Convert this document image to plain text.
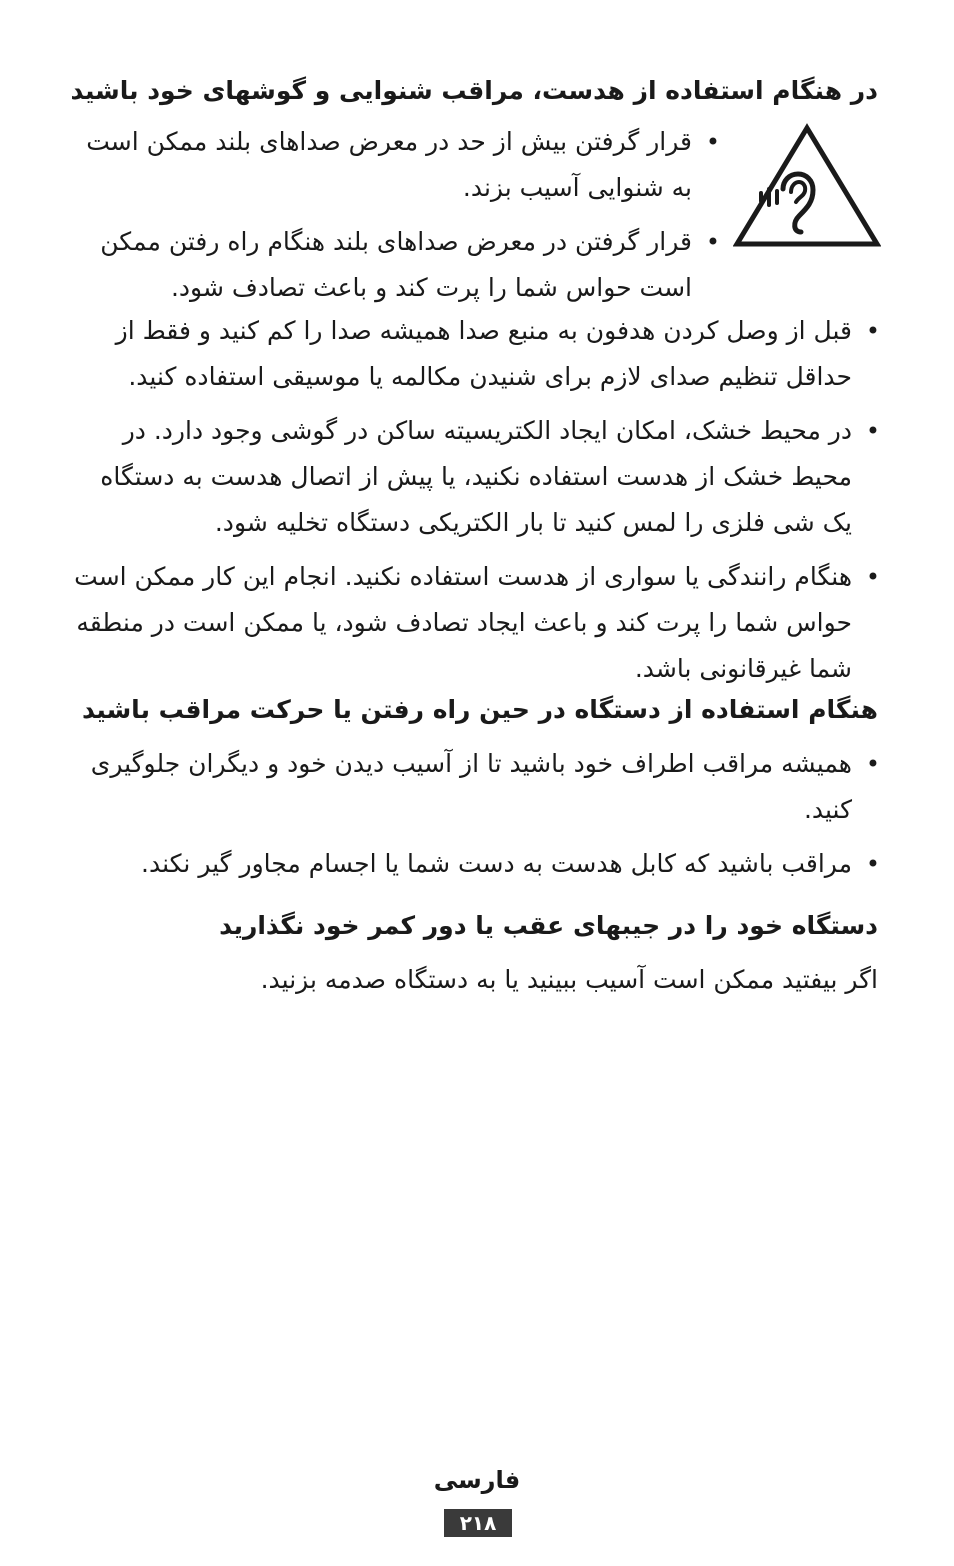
در هنگام استفاده از هدست، مراقب شنوایی و گوشهای خود باشید
•
قرار گرفتن بیش از حد در معرض صداهای بلند ممکن است به شنوایی آسیب بزند.
•
قرار گرفتن در معرض صداهای بلند هنگام راه رفتن ممکن است حواس شما را پرت کند و باعث تصادف شود.
•
قبل از وصل کردن هدفون به منبع صدا همیشه صدا را کم کنید و فقط از حداقل تنظیم صدای لازم برای شنیدن مکالمه یا موسیقی استفاده کنید.
•
در محیط خشک، امکان ایجاد الکتریسیته ساکن در گوشی وجود دارد. در محیط خشک از هدست استفاده نکنید، یا پیش از اتصال هدست به دستگاه یک شی فلزی را لمس کنید تا بار الکتریکی دستگاه تخلیه شود.
•
هنگام رانندگی یا سواری از هدست استفاده نکنید. انجام این کار ممکن است حواس شما را پرت کند و باعث ایجاد تصادف شود، یا ممکن است در منطقه شما غیرقانونی باشد.
هنگام استفاده از دستگاه در حین راه رفتن یا حرکت مراقب باشید
•
همیشه مراقب اطراف خود باشید تا از آسیب دیدن خود و دیگران جلوگیری کنید.
•
مراقب باشید که کابل هدست به دست شما یا اجسام مجاور گیر نکند.
دستگاه خود را در جیبهای عقب یا دور کمر خود نگذارید

اگر بیفتید ممکن است آسیب ببینید یا به دستگاه صدمه بزنید.

فارسی
۲۱۸
